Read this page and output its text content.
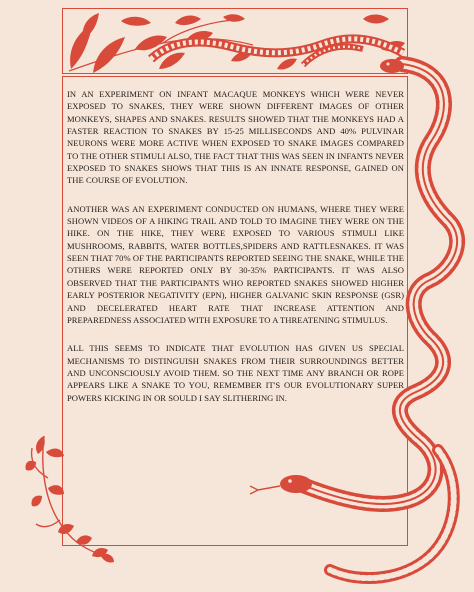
IN AN EXPERIMENT ON INFANT MACAQUE MONKEYS WHICH WERE NEVER EXPOSED TO SNAKES, THEY WERE SHOWN DIFFERENT IMAGES OF OTHER MONKEYS, SHAPES AND SNAKES. RESULTS SHOWED THAT THE MONKEYS HAD A FASTER REACTION TO SNAKES BY 15-25 MILLISECONDS AND 40% PULVINAR NEURONS WERE MORE ACTIVE WHEN EXPOSED TO SNAKE IMAGES COMPARED TO THE OTHER STIMULI ALSO, THE FACT THAT THIS WAS SEEN IN INFANTS NEVER EXPOSED TO SNAKES SHOWS THAT THIS IS AN INNATE RESPONSE, GAINED ON THE COURSE OF EVOLUTION.

ANOTHER WAS AN EXPERIMENT CONDUCTED ON HUMANS, WHERE THEY WERE SHOWN VIDEOS OF A HIKING TRAIL AND TOLD TO IMAGINE THEY WERE ON THE HIKE. ON THE HIKE, THEY WERE EXPOSED TO VARIOUS STIMULI LIKE MUSHROOMS, RABBITS, WATER BOTTLES,SPIDERS AND RATTLESNAKES. IT WAS SEEN THAT 70% OF THE PARTICIPANTS REPORTED SEEING THE SNAKE, WHILE THE OTHERS WERE REPORTED ONLY BY 30-35% PARTICIPANTS. IT WAS ALSO OBSERVED THAT THE PARTICIPANTS WHO REPORTED SNAKES SHOWED HIGHER EARLY POSTERIOR NEGATIVITY (EPN), HIGHER GALVANIC SKIN RESPONSE (GSR) AND DECELERATED HEART RATE THAT INCREASE ATTENTION AND PREPAREDNESS ASSOCIATED WITH EXPOSURE TO A THREATENING STIMULUS.

ALL THIS SEEMS TO INDICATE THAT EVOLUTION HAS GIVEN US SPECIAL MECHANISMS TO DISTINGUISH SNAKES FROM THEIR SURROUNDINGS BETTER AND UNCONSCIOUSLY AVOID THEM. SO THE NEXT TIME ANY BRANCH OR ROPE APPEARS LIKE A SNAKE TO YOU, REMEMBER IT'S OUR EVOLUTIONARY SUPER POWERS KICKING IN OR SOULD I SAY SLITHERING IN.
